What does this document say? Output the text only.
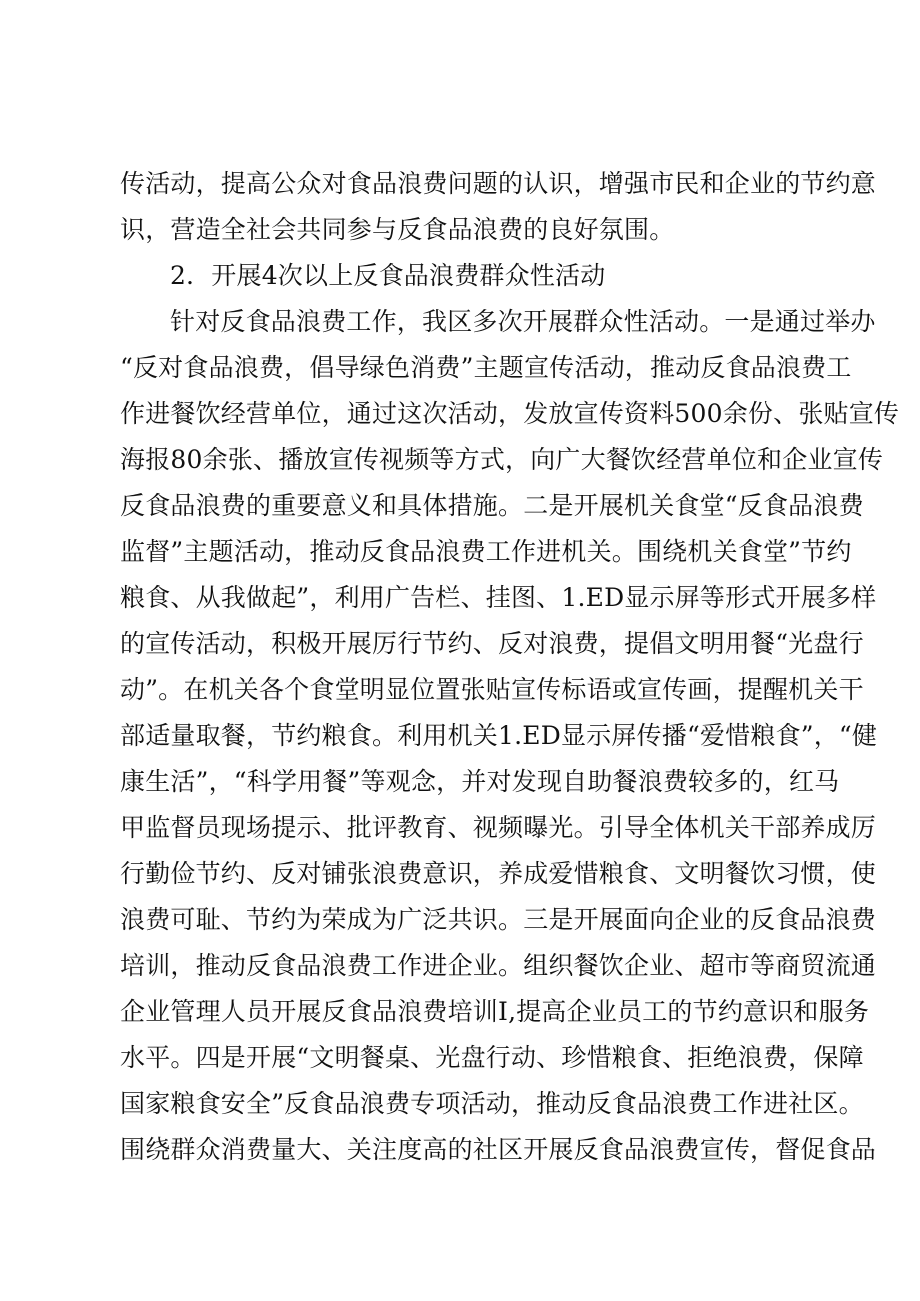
传活动，提高公众对食品浪费问题的认识，增强市民和企业的节约意
识，营造全社会共同参与反食品浪费的良好氛围。
2．开展4次以上反食品浪费群众性活动
针对反食品浪费工作，我区多次开展群众性活动。一是通过举办
“反对食品浪费，倡导绿色消费”主题宣传活动，推动反食品浪费工
作进餐饮经营单位，通过这次活动，发放宣传资料500余份、张贴宣传
海报80余张、播放宣传视频等方式，向广大餐饮经营单位和企业宣传
反食品浪费的重要意义和具体措施。二是开展机关食堂“反食品浪费
监督”主题活动，推动反食品浪费工作进机关。围绕机关食堂”节约
粮食、从我做起”，利用广告栏、挂图、1.ED显示屏等形式开展多样
的宣传活动，积极开展厉行节约、反对浪费，提倡文明用餐“光盘行
动”。在机关各个食堂明显位置张贴宣传标语或宣传画，提醒机关干
部适量取餐，节约粮食。利用机关1.ED显示屏传播“爱惜粮食”，“健
康生活”，“科学用餐”等观念，并对发现自助餐浪费较多的，红马
甲监督员现场提示、批评教育、视频曝光。引导全体机关干部养成厉
行勤俭节约、反对铺张浪费意识，养成爱惜粮食、文明餐饮习惯，使
浪费可耻、节约为荣成为广泛共识。三是开展面向企业的反食品浪费
培训，推动反食品浪费工作进企业。组织餐饮企业、超市等商贸流通
企业管理人员开展反食品浪费培训I,提高企业员工的节约意识和服务
水平。四是开展“文明餐桌、光盘行动、珍惜粮食、拒绝浪费，保障
国家粮食安全”反食品浪费专项活动，推动反食品浪费工作进社区。
围绕群众消费量大、关注度高的社区开展反食品浪费宣传，督促食品
